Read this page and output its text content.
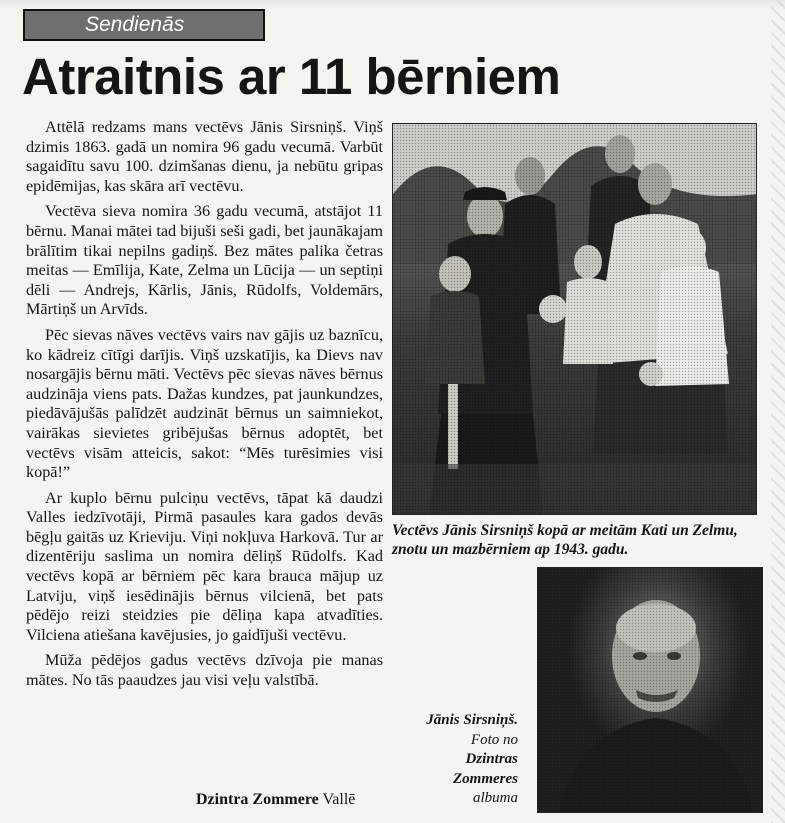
Sendienās
Atraitnis ar 11 bērniem

Attēlā redzams mans vectēvs Jānis Sirsniņš. Viņš dzimis 1863. gadā un nomira 96 gadu vecumā. Varbūt sagaidītu savu 100. dzimšanas dienu, ja nebūtu gripas epidēmijas, kas skāra arī vectēvu.

Vectēva sieva nomira 36 gadu vecumā, atstājot 11 bērnu. Manai mātei tad bijuši seši gadi, bet jaunākajam brālītim tikai nepilns gadiņš. Bez mātes palika četras meitas — Emīlija, Kate, Zelma un Lūcija — un septiņi dēli — Andrejs, Kārlis, Jānis, Rūdolfs, Voldemārs, Mārtiņš un Arvīds.

Pēc sievas nāves vectēvs vairs nav gājis uz baznīcu, ko kādreiz cītīgi darījis. Viņš uzskatījis, ka Dievs nav nosargājis bērnu māti. Vectēvs pēc sievas nāves bērnus audzināja viens pats. Dažas kundzes, pat jaunkundzes, piedāvājušās palīdzēt audzināt bērnus un saimniekot, vairākas sievietes gribējušas bērnus adoptēt, bet vectēvs visām atteicis, sakot: “Mēs turēsimies visi kopā!”

Ar kuplo bērnu pulciņu vectēvs, tāpat kā daudzi Valles iedzīvotāji, Pirmā pasaules kara gados devās bēgļu gaitās uz Krieviju. Viņi nokļuva Harkovā. Tur ar dizentēriju saslima un nomira dēliņš Rūdolfs. Kad vectēvs kopā ar bērniem pēc kara brauca mājup uz Latviju, viņš iesēdinājis bērnus vilcienā, bet pats pēdējo reizi steidzies pie dēliņa kapa atvadīties. Vilciena atiešana kavējusies, jo gaidījuši vectēvu.

Mūža pēdējos gadus vectēvs dzīvoja pie manas mātes. No tās paaudzes jau visi veļu valstībā.

Dzintra Zommere Vallē
Vectēvs Jānis Sirsniņš kopā ar meitām Kati un Zelmu, znotu un mazbērniem ap 1943. gadu.
Jānis Sirsniņš.
Foto no
Dzintras
Zommeres
albuma
